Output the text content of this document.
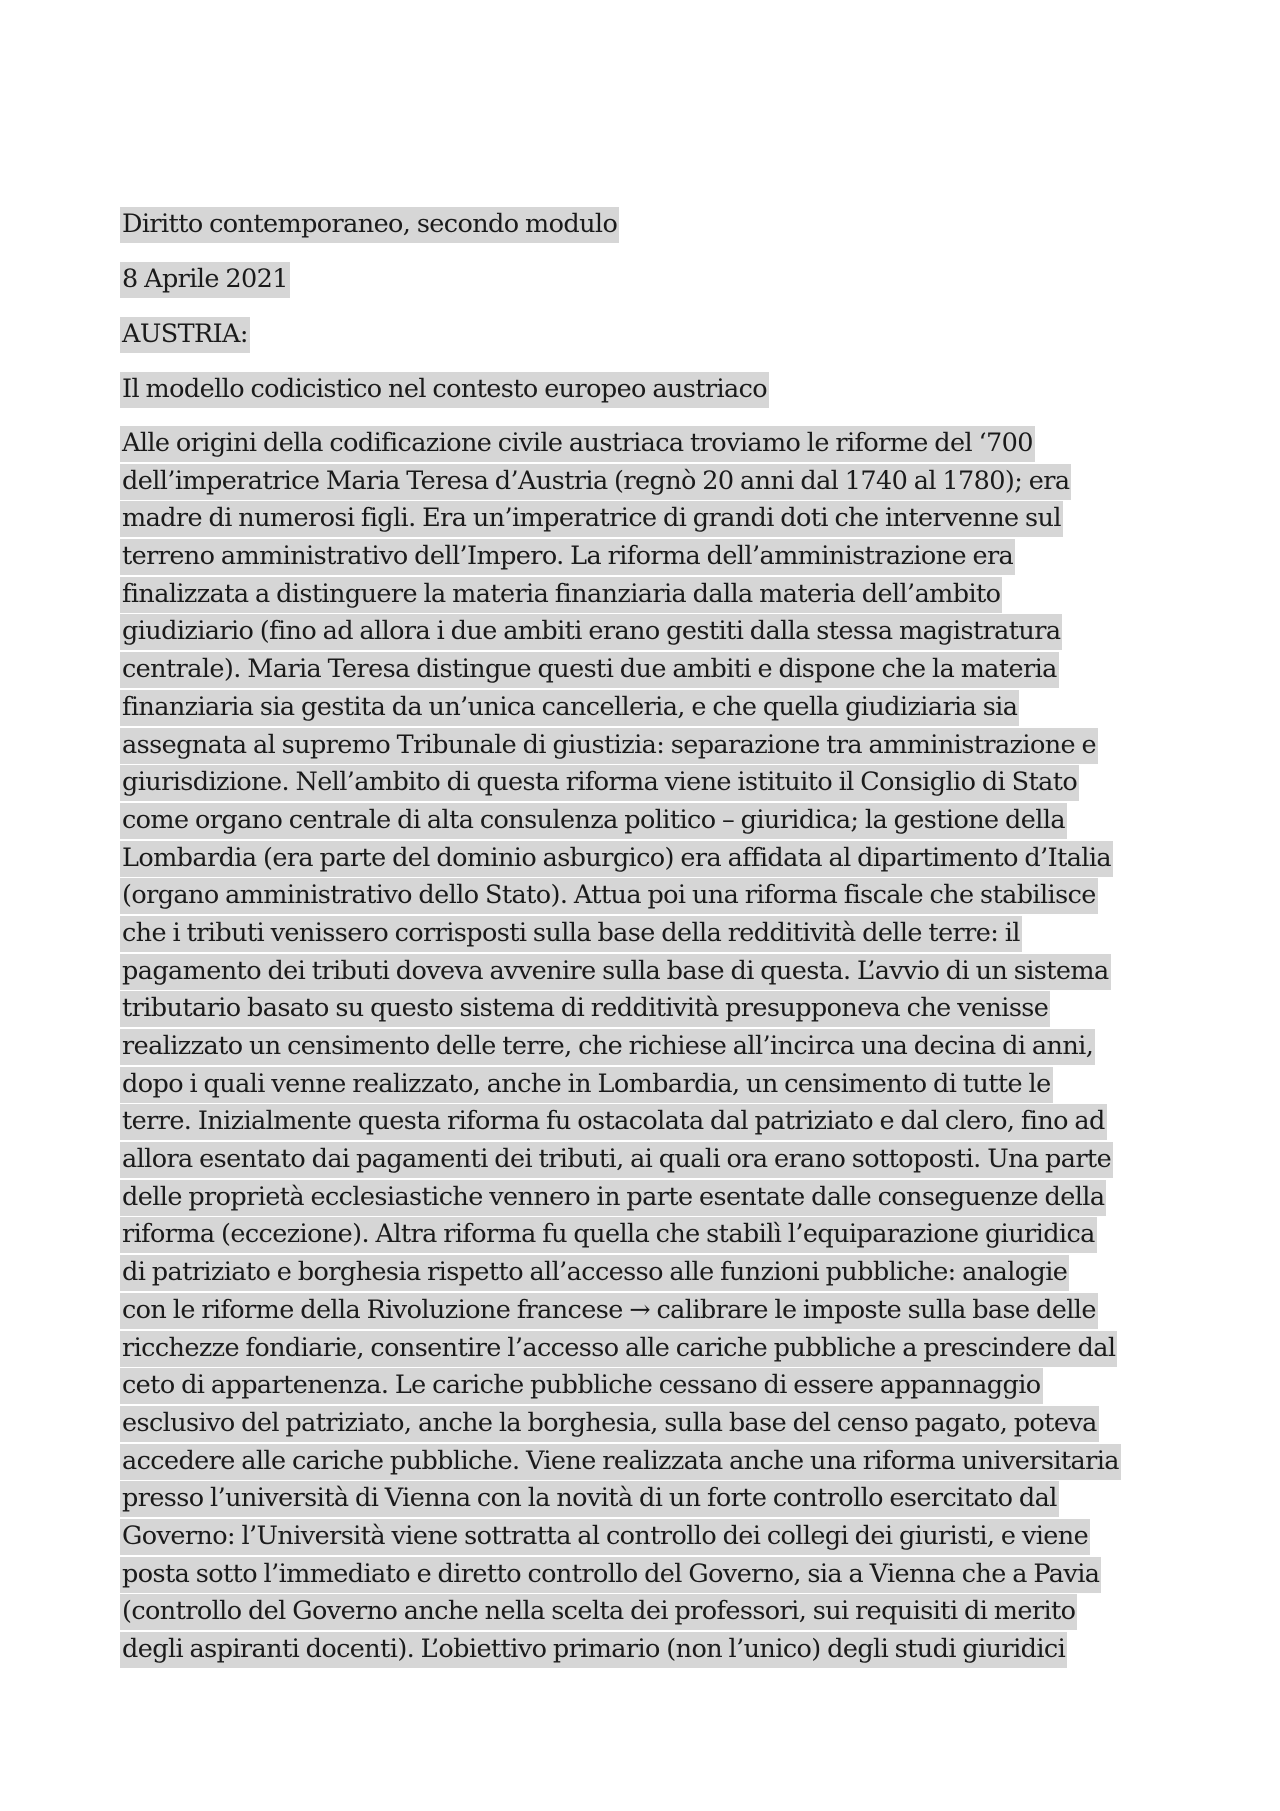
Diritto contemporaneo, secondo modulo
8 Aprile 2021
AUSTRIA:
Il modello codicistico nel contesto europeo austriaco
Alle origini della codificazione civile austriaca troviamo le riforme del ‘700
dell’imperatrice Maria Teresa d’Austria (regnò 20 anni dal 1740 al 1780); era
madre di numerosi figli. Era un’imperatrice di grandi doti che intervenne sul
terreno amministrativo dell’Impero. La riforma dell’amministrazione era
finalizzata a distinguere la materia finanziaria dalla materia dell’ambito
giudiziario (fino ad allora i due ambiti erano gestiti dalla stessa magistratura
centrale). Maria Teresa distingue questi due ambiti e dispone che la materia
finanziaria sia gestita da un’unica cancelleria, e che quella giudiziaria sia
assegnata al supremo Tribunale di giustizia: separazione tra amministrazione e
giurisdizione. Nell’ambito di questa riforma viene istituito il Consiglio di Stato
come organo centrale di alta consulenza politico – giuridica; la gestione della
Lombardia (era parte del dominio asburgico) era affidata al dipartimento d’Italia
(organo amministrativo dello Stato). Attua poi una riforma fiscale che stabilisce
che i tributi venissero corrisposti sulla base della redditività delle terre: il
pagamento dei tributi doveva avvenire sulla base di questa. L’avvio di un sistema
tributario basato su questo sistema di redditività presupponeva che venisse
realizzato un censimento delle terre, che richiese all’incirca una decina di anni,
dopo i quali venne realizzato, anche in Lombardia, un censimento di tutte le
terre. Inizialmente questa riforma fu ostacolata dal patriziato e dal clero, fino ad
allora esentato dai pagamenti dei tributi, ai quali ora erano sottoposti. Una parte
delle proprietà ecclesiastiche vennero in parte esentate dalle conseguenze della
riforma (eccezione). Altra riforma fu quella che stabilì l’equiparazione giuridica
di patriziato e borghesia rispetto all’accesso alle funzioni pubbliche: analogie
con le riforme della Rivoluzione francese → calibrare le imposte sulla base delle
ricchezze fondiarie, consentire l’accesso alle cariche pubbliche a prescindere dal
ceto di appartenenza. Le cariche pubbliche cessano di essere appannaggio
esclusivo del patriziato, anche la borghesia, sulla base del censo pagato, poteva
accedere alle cariche pubbliche. Viene realizzata anche una riforma universitaria
presso l’università di Vienna con la novità di un forte controllo esercitato dal
Governo: l’Università viene sottratta al controllo dei collegi dei giuristi, e viene
posta sotto l’immediato e diretto controllo del Governo, sia a Vienna che a Pavia
(controllo del Governo anche nella scelta dei professori, sui requisiti di merito
degli aspiranti docenti). L’obiettivo primario (non l’unico) degli studi giuridici
